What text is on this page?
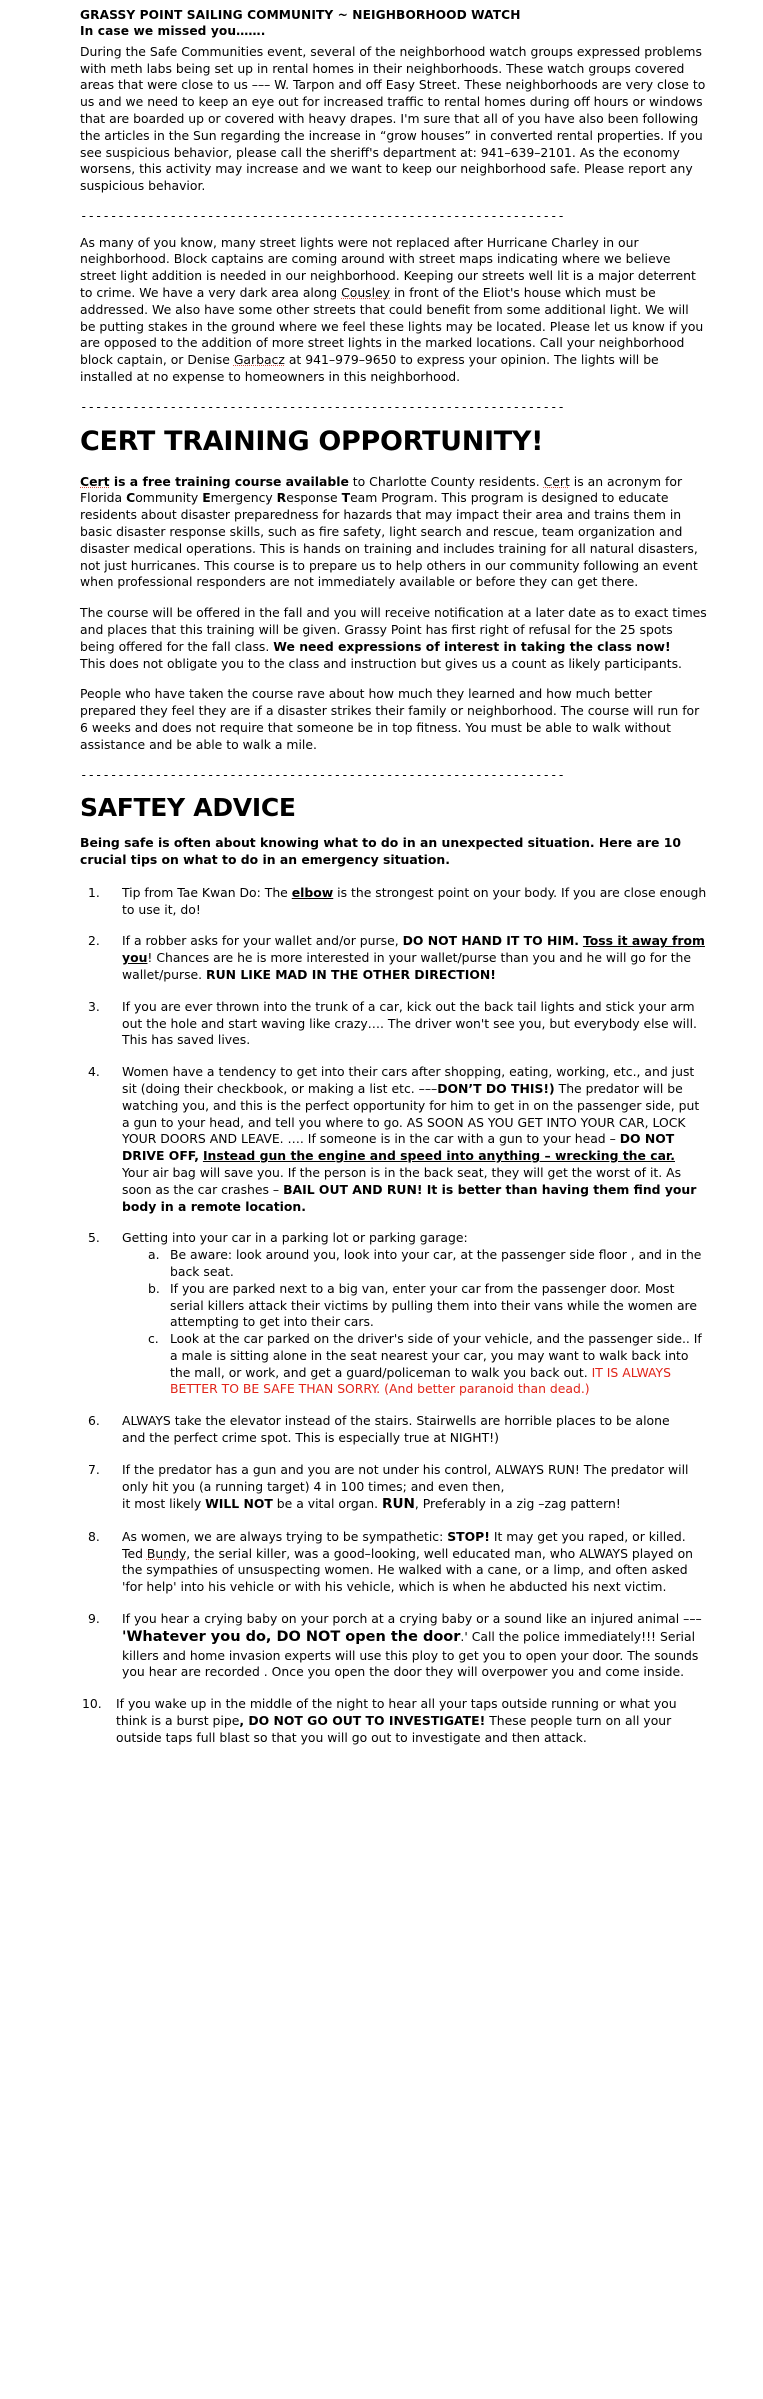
GRASSY POINT SAILING COMMUNITY ~ NEIGHBORHOOD WATCH
In case we missed you…….

During the Safe Communities event, several of the neighborhood watch groups expressed problems with meth labs being set up in rental homes in their neighborhoods. These watch groups covered areas that were close to us ––– W. Tarpon and off Easy Street. These neighborhoods are very close to us and we need to keep an eye out for increased traffic to rental homes during off hours or windows that are boarded up or covered with heavy drapes. I'm sure that all of you have also been following the articles in the Sun regarding the increase in “grow houses” in converted rental properties. If you see suspicious behavior, please call the sheriff's department at: 941–639–2101. As the economy worsens, this activity may increase and we want to keep our neighborhood safe. Please report any suspicious behavior.

-----------------------------------------------------------------

As many of you know, many street lights were not replaced after Hurricane Charley in our neighborhood. Block captains are coming around with street maps indicating where we believe street light addition is needed in our neighborhood. Keeping our streets well lit is a major deterrent to crime. We have a very dark area along Cousley in front of the Eliot's house which must be addressed. We also have some other streets that could benefit from some additional light. We will be putting stakes in the ground where we feel these lights may be located. Please let us know if you are opposed to the addition of more street lights in the marked locations. Call your neighborhood block captain, or Denise Garbacz at 941–979–9650 to express your opinion. The lights will be installed at no expense to homeowners in this neighborhood.

-----------------------------------------------------------------
CERT TRAINING OPPORTUNITY!

Cert is a free training course available to Charlotte County residents. Cert is an acronym for Florida Community Emergency Response Team Program. This program is designed to educate residents about disaster preparedness for hazards that may impact their area and trains them in basic disaster response skills, such as fire safety, light search and rescue, team organization and disaster medical operations. This is hands on training and includes training for all natural disasters, not just hurricanes. This course is to prepare us to help others in our community following an event when professional responders are not immediately available or before they can get there.

The course will be offered in the fall and you will receive notification at a later date as to exact times and places that this training will be given. Grassy Point has first right of refusal for the 25 spots being offered for the fall class. We need expressions of interest in taking the class now!

This does not obligate you to the class and instruction but gives us a count as likely participants.

People who have taken the course rave about how much they learned and how much better prepared they feel they are if a disaster strikes their family or neighborhood. The course will run for 6 weeks and does not require that someone be in top fitness. You must be able to walk without assistance and be able to walk a mile.

-----------------------------------------------------------------
SAFTEY ADVICE

Being safe is often about knowing what to do in an unexpected situation. Here are 10 crucial tips on what to do in an emergency situation.

1.	Tip from Tae Kwan Do: The elbow is the strongest point on your body. If you are close enough to use it, do!
2.	If a robber asks for your wallet and/or purse, DO NOT HAND IT TO HIM. Toss it away from you! Chances are he is more interested in your wallet/purse than you and he will go for the wallet/purse. RUN LIKE MAD IN THE OTHER DIRECTION!
3.	If you are ever thrown into the trunk of a car, kick out the back tail lights and stick your arm out the hole and start waving like crazy…. The driver won't see you, but everybody else will. This has saved lives.
4.	Women have a tendency to get into their cars after shopping, eating, working, etc., and just sit (doing their checkbook, or making a list etc. –––DON’T DO THIS!) The predator will be watching you, and this is the perfect opportunity for him to get in on the passenger side, put a gun to your head, and tell you where to go. AS SOON AS YOU GET INTO YOUR CAR, LOCK YOUR DOORS AND LEAVE. …. If someone is in the car with a gun to your head – DO NOT DRIVE OFF, Instead gun the engine and speed into anything – wrecking the car.
Your air bag will save you. If the person is in the back seat, they will get the worst of it. As soon as the car crashes – BAIL OUT AND RUN! It is better than having them find your body in a remote location.
5.	Getting into your car in a parking lot or parking garage:
a. Be aware: look around you, look into your car, at the passenger side floor , and in the back seat.
b. If you are parked next to a big van, enter your car from the passenger door. Most serial killers attack their victims by pulling them into their vans while the women are attempting to get into their cars.
c. Look at the car parked on the driver's side of your vehicle, and the passenger side.. If a male is sitting alone in the seat nearest your car, you may want to walk back into the mall, or work, and get a guard/policeman to walk you back out. IT IS ALWAYS BETTER TO BE SAFE THAN SORRY. (And better paranoid than dead.)
6.	ALWAYS take the elevator instead of the stairs. Stairwells are horrible places to be alone
and the perfect crime spot. This is especially true at NIGHT!)
7.	If the predator has a gun and you are not under his control, ALWAYS RUN! The predator will only hit you (a running target) 4 in 100 times; and even then,
it most likely WILL NOT be a vital organ. RUN, Preferably in a zig –zag pattern!
8.	As women, we are always trying to be sympathetic: STOP! It may get you raped, or killed. Ted Bundy, the serial killer, was a good–looking, well educated man, who ALWAYS played on the sympathies of unsuspecting women. He walked with a cane, or a limp, and often asked 'for help' into his vehicle or with his vehicle, which is when he abducted his next victim.
9.	If you hear a crying baby on your porch at a crying baby or a sound like an injured animal ––– 'Whatever you do, DO NOT open the door.' Call the police immediately!!! Serial killers and home invasion experts will use this ploy to get you to open your door. The sounds you hear are recorded . Once you open the door they will overpower you and come inside.
10.	If you wake up in the middle of the night to hear all your taps outside running or what you think is a burst pipe, DO NOT GO OUT TO INVESTIGATE! These people turn on all your outside taps full blast so that you will go out to investigate and then attack.
